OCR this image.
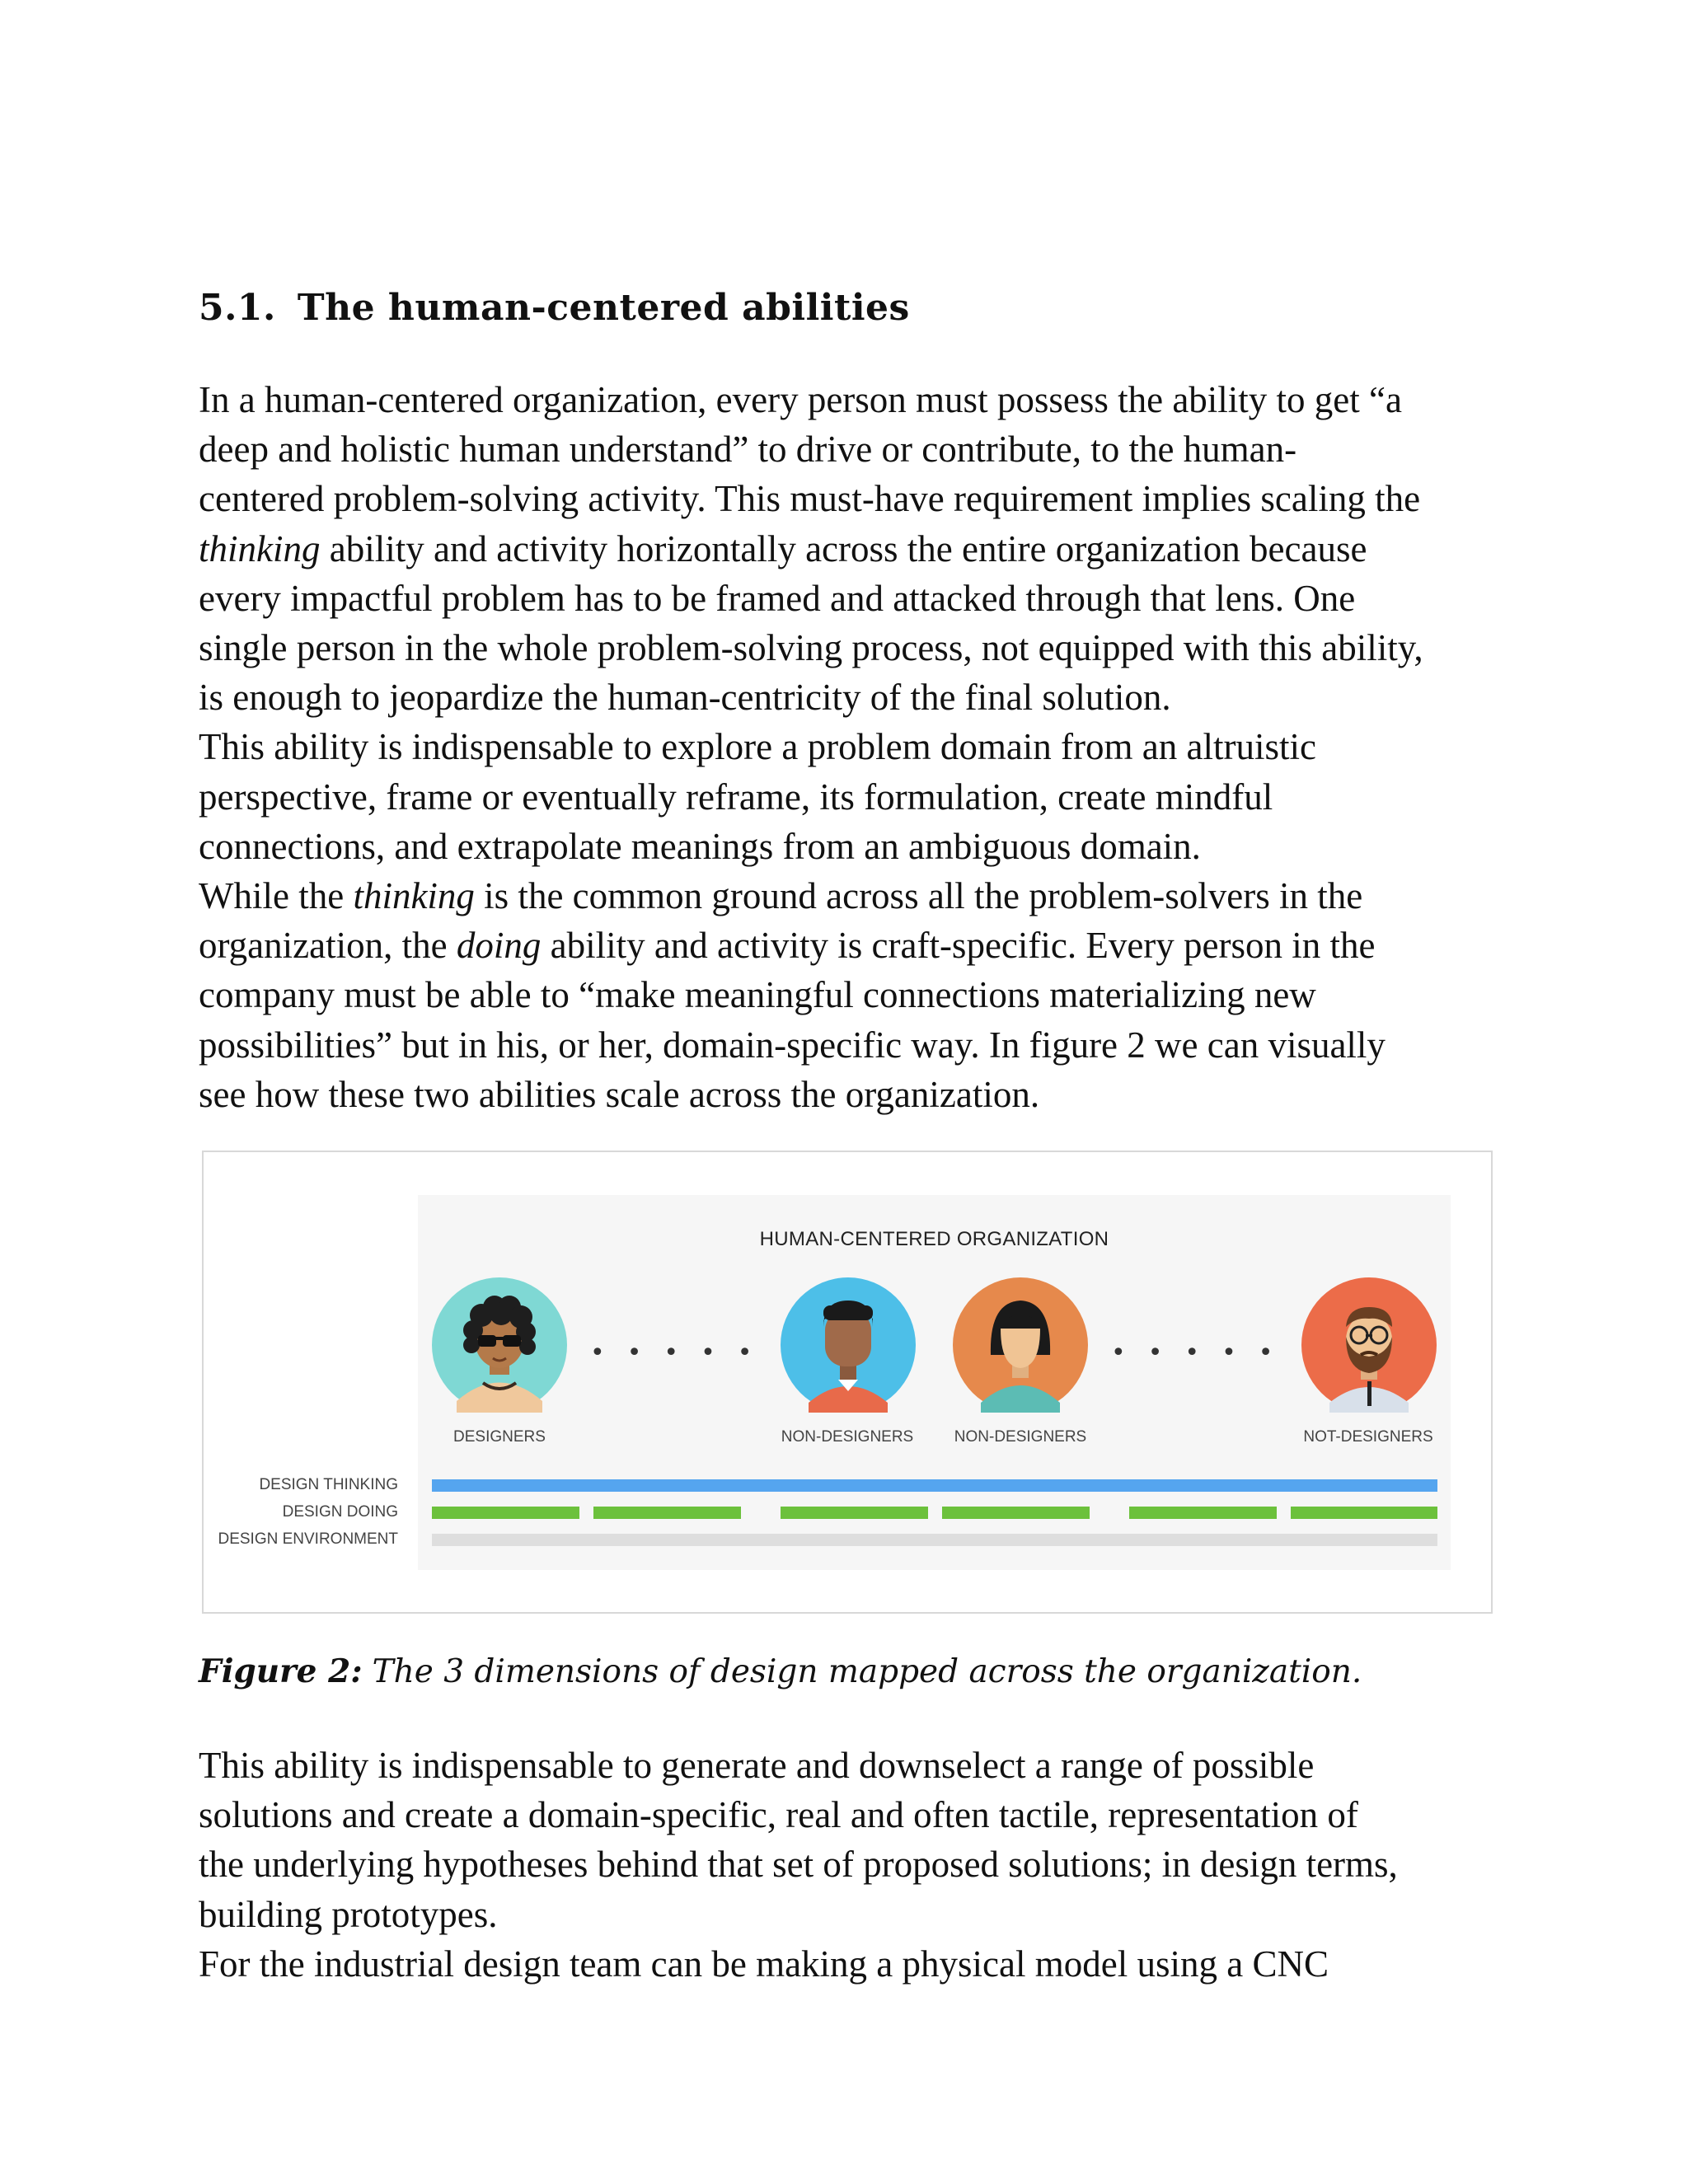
5.1. The human-centered abilities

In a human-centered organization, every person must possess the ability to get “a
deep and holistic human understand” to drive or contribute, to the human-
centered problem-solving activity. This must-have requirement implies scaling the
thinking ability and activity horizontally across the entire organization because
every impactful problem has to be framed and attacked through that lens. One
single person in the whole problem-solving process, not equipped with this ability,
is enough to jeopardize the human-centricity of the final solution.
This ability is indispensable to explore a problem domain from an altruistic
perspective, frame or eventually reframe, its formulation, create mindful
connections, and extrapolate meanings from an ambiguous domain.
While the thinking is the common ground across all the problem-solvers in the
organization, the doing ability and activity is craft-specific. Every person in the
company must be able to “make meaningful connections materializing new
possibilities” but in his, or her, domain-specific way. In figure 2 we can visually
see how these two abilities scale across the organization.

HUMAN-CENTERED ORGANIZATION
•••••	•••••
DESIGNERS	NON-DESIGNERS	NON-DESIGNERS	NOT-DESIGNERS
DESIGN THINKING
DESIGN DOING
DESIGN ENVIRONMENT

Figure 2: The 3 dimensions of design mapped across the organization.

This ability is indispensable to generate and downselect a range of possible
solutions and create a domain-specific, real and often tactile, representation of
the underlying hypotheses behind that set of proposed solutions; in design terms,
building prototypes.
For the industrial design team can be making a physical model using a CNC
